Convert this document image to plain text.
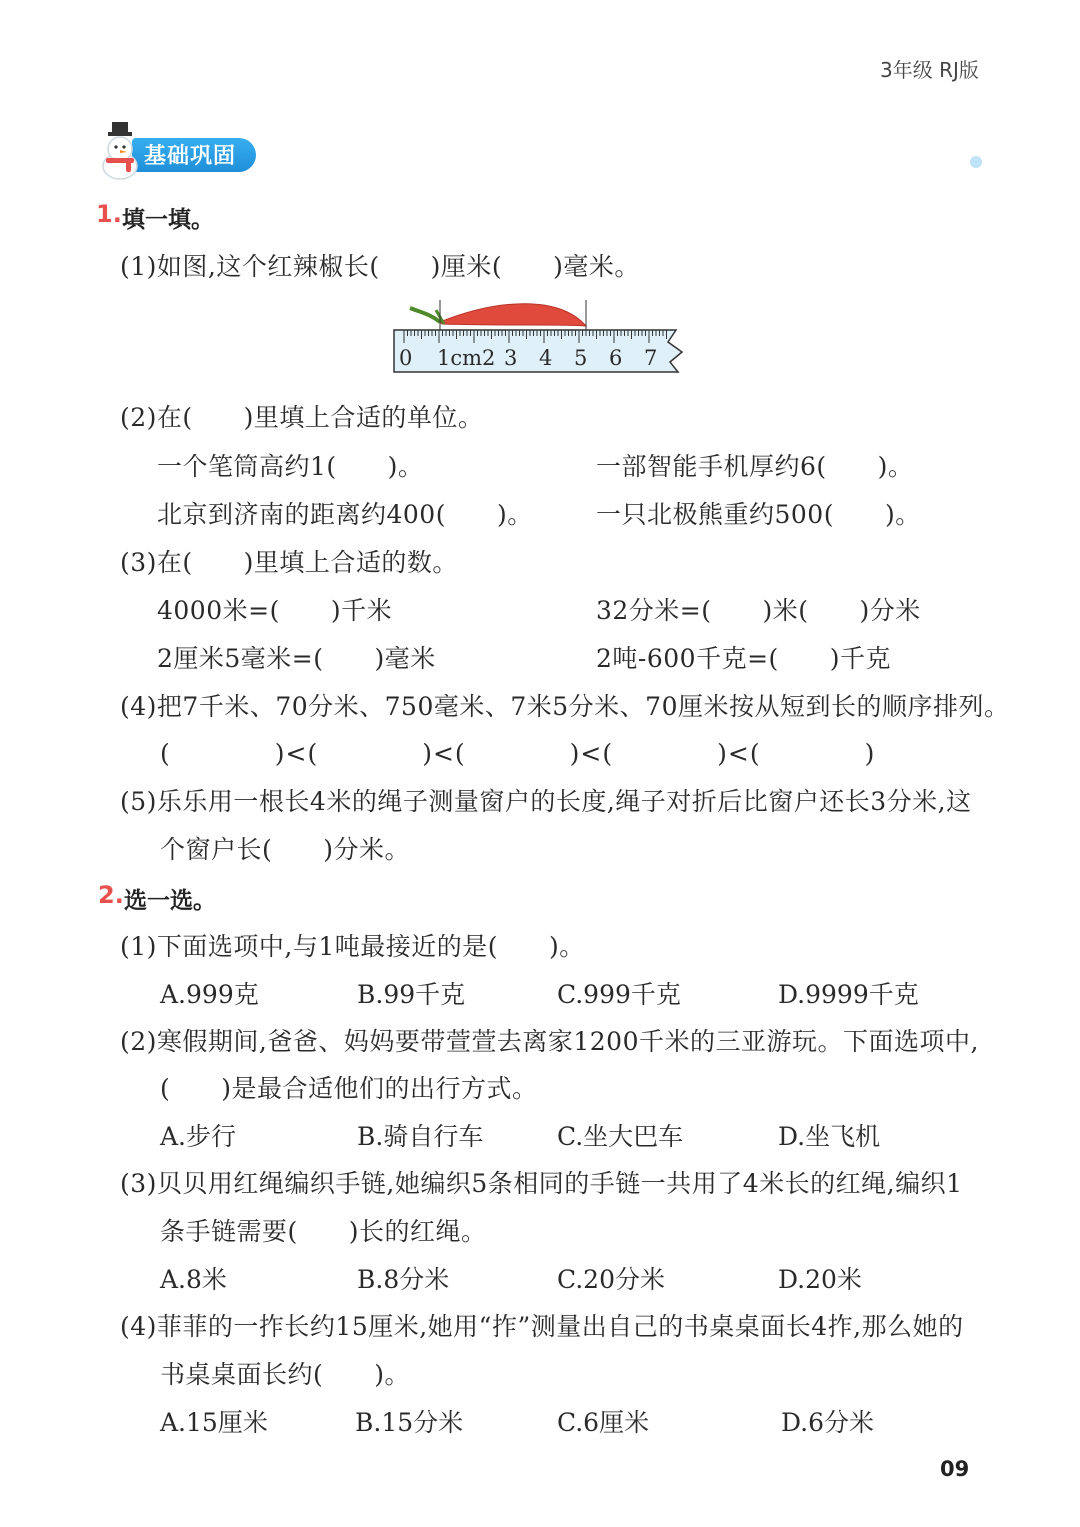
3年级 RJ版
基础巩固
1. 填一填。
(1)如图,这个红辣椒长(　　)厘米(　　)毫米。
0 1cm2 3 4 5 6 7
(2)在(　　)里填上合适的单位。
一个笔筒高约1(　　)。	一部智能手机厚约6(　　)。
北京到济南的距离约400(　　)。	一只北极熊重约500(　　)。
(3)在(　　)里填上合适的数。
4000米=(　　)千米	32分米=(　　)米(　　)分米
2厘米5毫米=(　　)毫米	2吨-600千克=(　　)千克
(4)把7千米、70分米、750毫米、7米5分米、70厘米按从短到长的顺序排列。
(　　　　)<(　　　　)<(　　　　)<(　　　　)<(　　　　)
(5)乐乐用一根长4米的绳子测量窗户的长度,绳子对折后比窗户还长3分米,这
个窗户长(　　)分米。
2. 选一选。
(1)下面选项中,与1吨最接近的是(　　)。
A.999克	B.99千克	C.999千克	D.9999千克
(2)寒假期间,爸爸、妈妈要带萱萱去离家1200千米的三亚游玩。下面选项中,
(　　)是最合适他们的出行方式。
A.步行	B.骑自行车	C.坐大巴车	D.坐飞机
(3)贝贝用红绳编织手链,她编织5条相同的手链一共用了4米长的红绳,编织1
条手链需要(　　)长的红绳。
A.8米	B.8分米	C.20分米	D.20米
(4)菲菲的一拃长约15厘米,她用“拃”测量出自己的书桌桌面长4拃,那么她的
书桌桌面长约(　　)。
A.15厘米	B.15分米	C.6厘米	D.6分米
09
